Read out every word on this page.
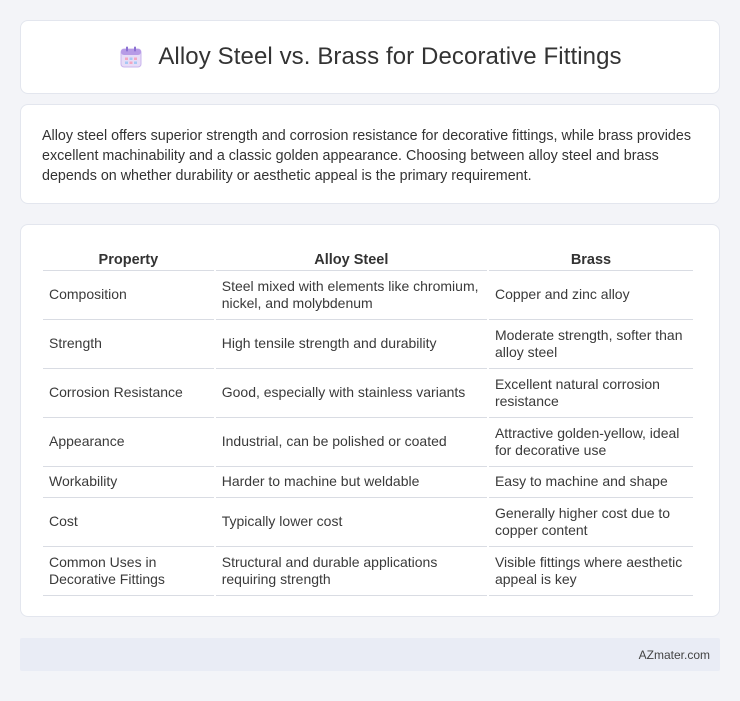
Alloy Steel vs. Brass for Decorative Fittings

Alloy steel offers superior strength and corrosion resistance for decorative fittings, while brass provides excellent machinability and a classic golden appearance. Choosing between alloy steel and brass depends on whether durability or aesthetic appeal is the primary requirement.

Property	Alloy Steel	Brass
Composition	Steel mixed with elements like chromium, nickel, and molybdenum	Copper and zinc alloy
Strength	High tensile strength and durability	Moderate strength, softer than alloy steel
Corrosion Resistance	Good, especially with stainless variants	Excellent natural corrosion resistance
Appearance	Industrial, can be polished or coated	Attractive golden-yellow, ideal for decorative use
Workability	Harder to machine but weldable	Easy to machine and shape
Cost	Typically lower cost	Generally higher cost due to copper content
Common Uses in Decorative Fittings	Structural and durable applications requiring strength	Visible fittings where aesthetic appeal is key
AZmater.com
